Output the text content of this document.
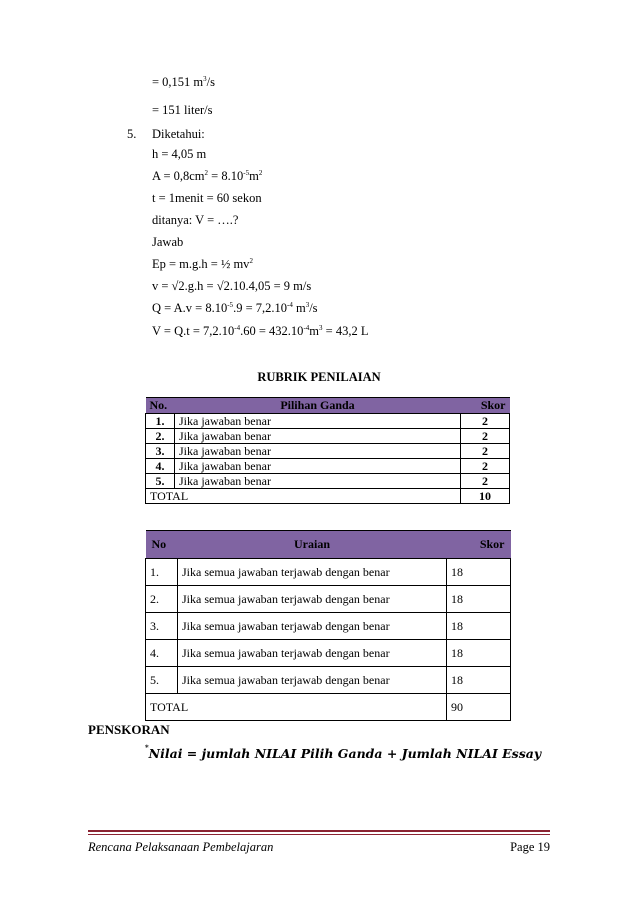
= 0,151 $m^3/s$
= 151 liter/s
5. Diketahui:
h = 4,05 m
$A = 0,8cm^2 = 8.10^{-5}m^2$
t = 1menit = 60 sekon
ditanya: V = ….?
Jawab
Ep = m.g.h = ½ $mv^2$
v = √2.g.h = √2.10.4,05 = 9 m/s
$Q = A.v = 8.10^{-5}.9 = 7,2.10^{-4}$ $m^3/s$
$V = Q.t = 7,2.10^{-4}.60 = 432.10^{-4}m^3 = 43,2$ L
RUBRIK PENILAIAN
No.	Pilihan Ganda	Skor
1.	Jika jawaban benar	2
2.	Jika jawaban benar	2
3.	Jika jawaban benar	2
4.	Jika jawaban benar	2
5.	Jika jawaban benar	2
TOTAL		10
No	Uraian	Skor
1.	Jika semua jawaban terjawab dengan benar	18
2.	Jika semua jawaban terjawab dengan benar	18
3.	Jika semua jawaban terjawab dengan benar	18
4.	Jika semua jawaban terjawab dengan benar	18
5.	Jika semua jawaban terjawab dengan benar	18
TOTAL		90
PENSKORAN
*Nilai = jumlah NILAI Pilih Ganda + Jumlah NILAI Essay
Rencana Pelaksanaan Pembelajaran	Page 19
